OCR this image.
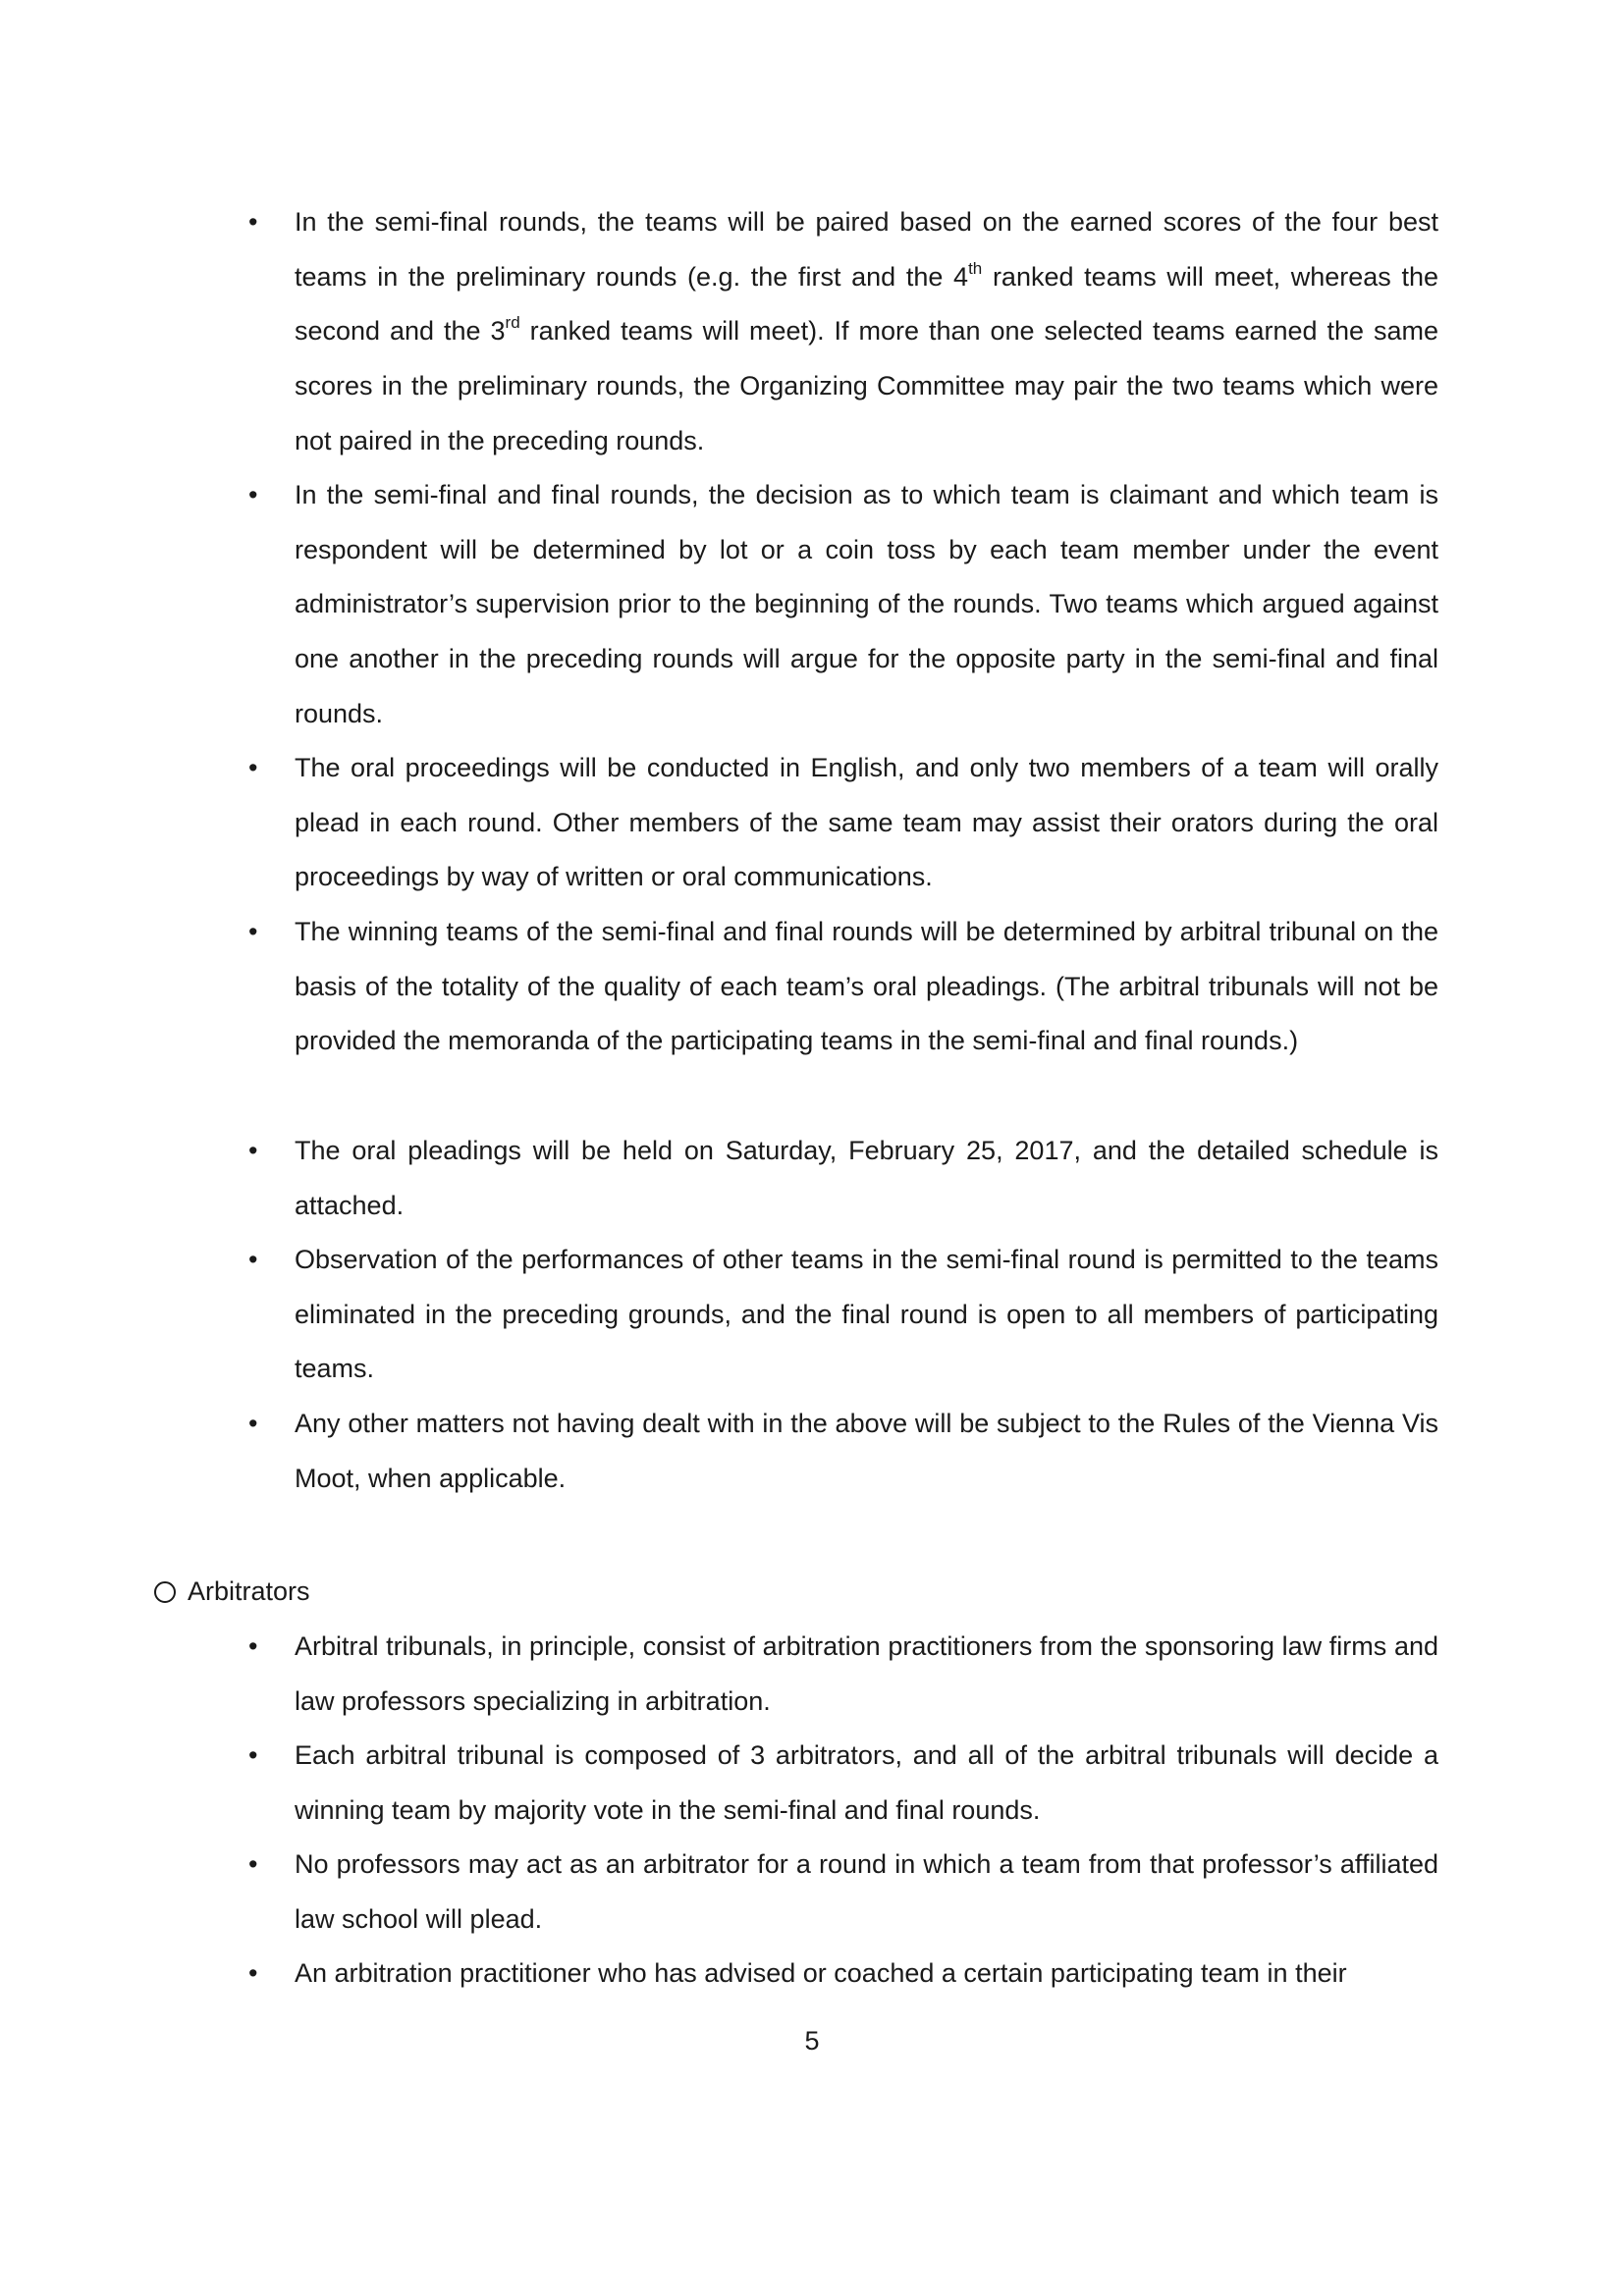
•	In the semi-final rounds, the teams will be paired based on the earned scores of the four best teams in the preliminary rounds (e.g. the first and the 4th ranked teams will meet, whereas the second and the 3rd ranked teams will meet). If more than one selected teams earned the same scores in the preliminary rounds, the Organizing Committee may pair the two teams which were not paired in the preceding rounds.
•	In the semi-final and final rounds, the decision as to which team is claimant and which team is respondent will be determined by lot or a coin toss by each team member under the event administrator’s supervision prior to the beginning of the rounds. Two teams which argued against one another in the preceding rounds will argue for the opposite party in the semi-final and final rounds.
•	The oral proceedings will be conducted in English, and only two members of a team will orally plead in each round. Other members of the same team may assist their orators during the oral proceedings by way of written or oral communications.
•	The winning teams of the semi-final and final rounds will be determined by arbitral tribunal on the basis of the totality of the quality of each team’s oral pleadings. (The arbitral tribunals will not be provided the memoranda of the participating teams in the semi-final and final rounds.)
•	The oral pleadings will be held on Saturday, February 25, 2017, and the detailed schedule is attached.
•	Observation of the performances of other teams in the semi-final round is permitted to the teams eliminated in the preceding grounds, and the final round is open to all members of participating teams.
•	Any other matters not having dealt with in the above will be subject to the Rules of the Vienna Vis Moot, when applicable.
Arbitrators
•	Arbitral tribunals, in principle, consist of arbitration practitioners from the sponsoring law firms and law professors specializing in arbitration.
•	Each arbitral tribunal is composed of 3 arbitrators, and all of the arbitral tribunals will decide a winning team by majority vote in the semi-final and final rounds.
•	No professors may act as an arbitrator for a round in which a team from that professor’s affiliated law school will plead.
•	An arbitration practitioner who has advised or coached a certain participating team in their
5
